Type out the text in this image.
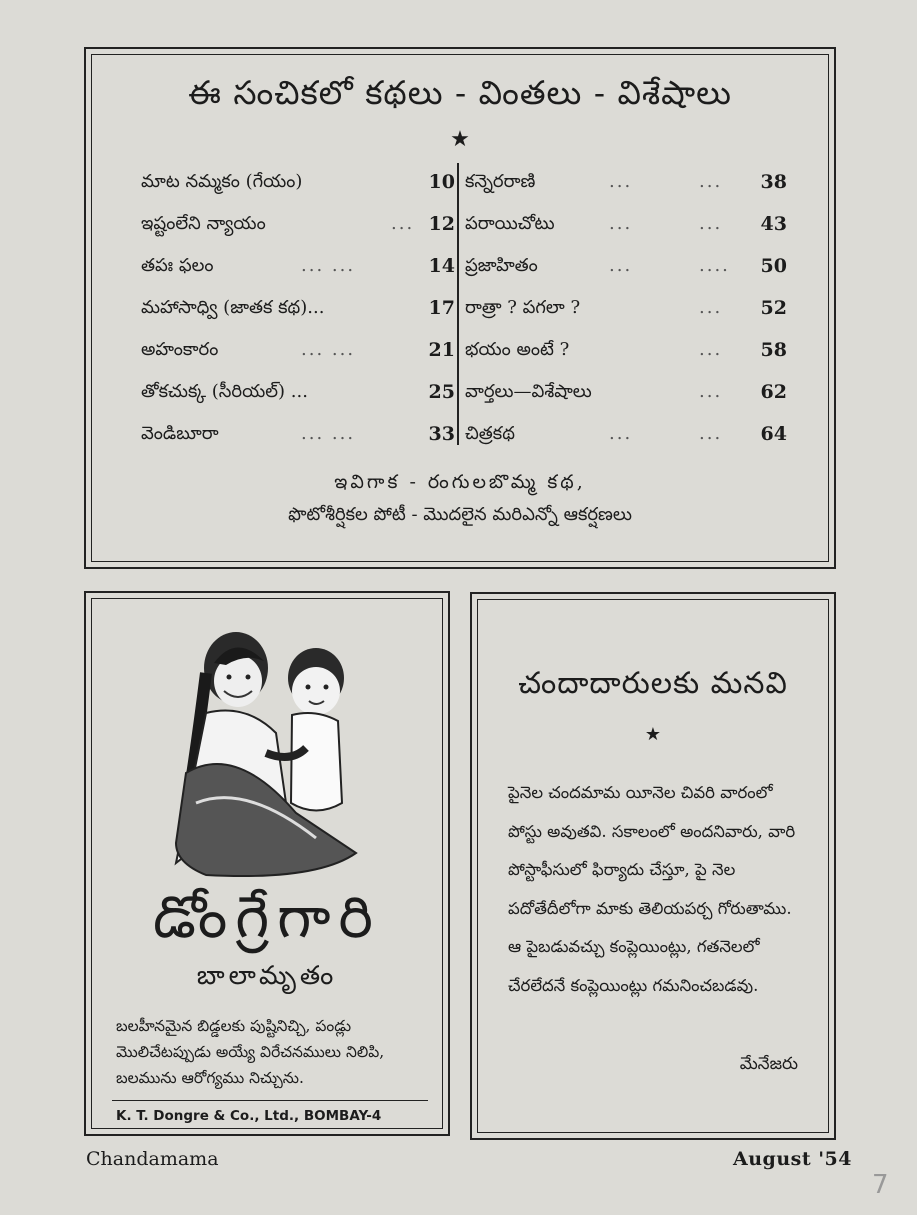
ఈ సంచికలో కథలు - వింతలు - విశేషాలు
★
మాట నమ్మకం (గేయం)	10
ఇష్టంలేని న్యాయం	... 12
తపః ఫలం	... ...	14
మహాసాధ్వి (జాతక కథ)...	17
అహంకారం	... ...	21
తోకచుక్క (సీరియల్) ...	25
వెండిబూరా	... ...	33
కన్నెరరాణి	...	... 38
పరాయిచోటు	...	... 43
ప్రజాహితం	...	.... 50
రాత్రా ? పగలా ?	... 52
భయం అంటే ?	... 58
వార్తలు—విశేషాలు	... 62
చిత్రకథ	...	... 64
ఇవిగాక - రంగులబొమ్మ కథ,
ఫొటోశీర్షికల పోటీ - మొదలైన మరిఎన్నో ఆకర్షణలు
డోంగ్రేగారి
బాలామృతం
బలహీనమైన బిడ్డలకు పుష్టినిచ్చి, పండ్లు మొలిచేటప్పుడు అయ్యే విరేచనములు నిలిపి, బలమును ఆరోగ్యము నిచ్చును.
K. T. Dongre & Co., Ltd., BOMBAY-4
చందాదారులకు మనవి
★
పైనెల చందమామ యీనెల చివరి వారంలో పోస్టు అవుతవి. సకాలంలో అందనివారు, వారి పోస్టాఫీసులో ఫిర్యాదు చేస్తూ, పై నెల పదోతేదీలోగా మాకు తెలియపర్చ గోరుతాము. ఆ పైబడువచ్చు కంప్లెయింట్లు, గతనెలలో చేరలేదనే కంప్లెయింట్లు గమనించబడవు.
మేనేజరు
Chandamama	August '54
7
